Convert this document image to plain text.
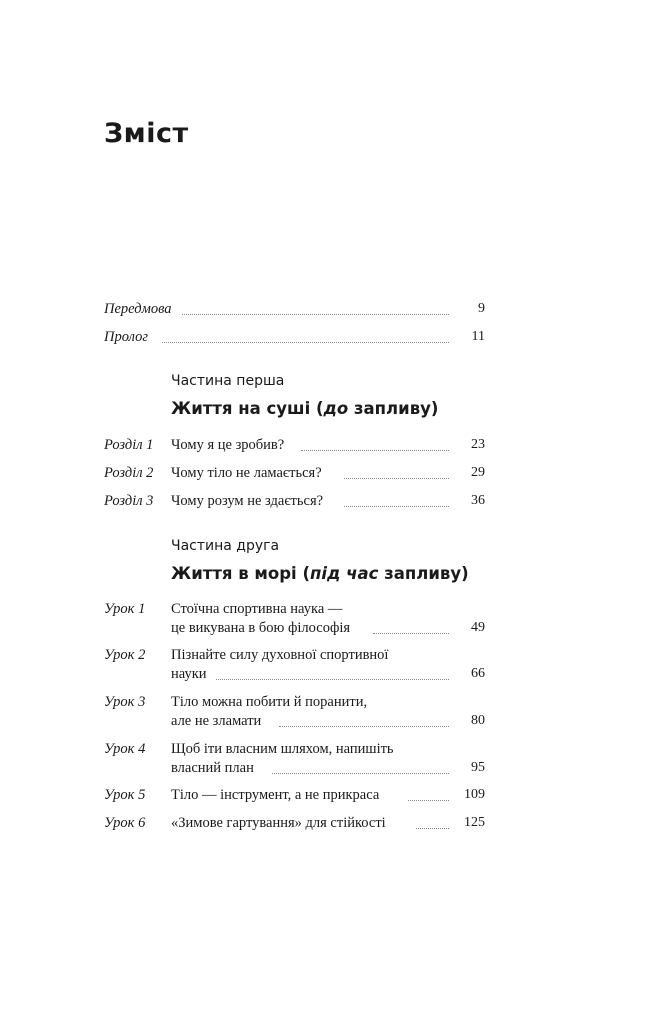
Зміст
Передмова	9
Пролог	11
Частина перша
Життя на суші (до запливу)
Розділ 1 Чому я це зробив?	23
Розділ 2 Чому тіло не ламається?	29
Розділ 3 Чому розум не здається?	36
Частина друга
Життя в морі (під час запливу)
Урок 1 Стоїчна спортивна наука —
це викувана в бою філософія	49
Урок 2 Пізнайте силу духовної спортивної
науки	66
Урок 3 Тіло можна побити й поранити,
але не зламати	80
Урок 4 Щоб іти власним шляхом, напишіть
власний план	95
Урок 5 Тіло — інструмент, а не прикраса	109
Урок 6 «Зимове гартування» для стійкості	125
